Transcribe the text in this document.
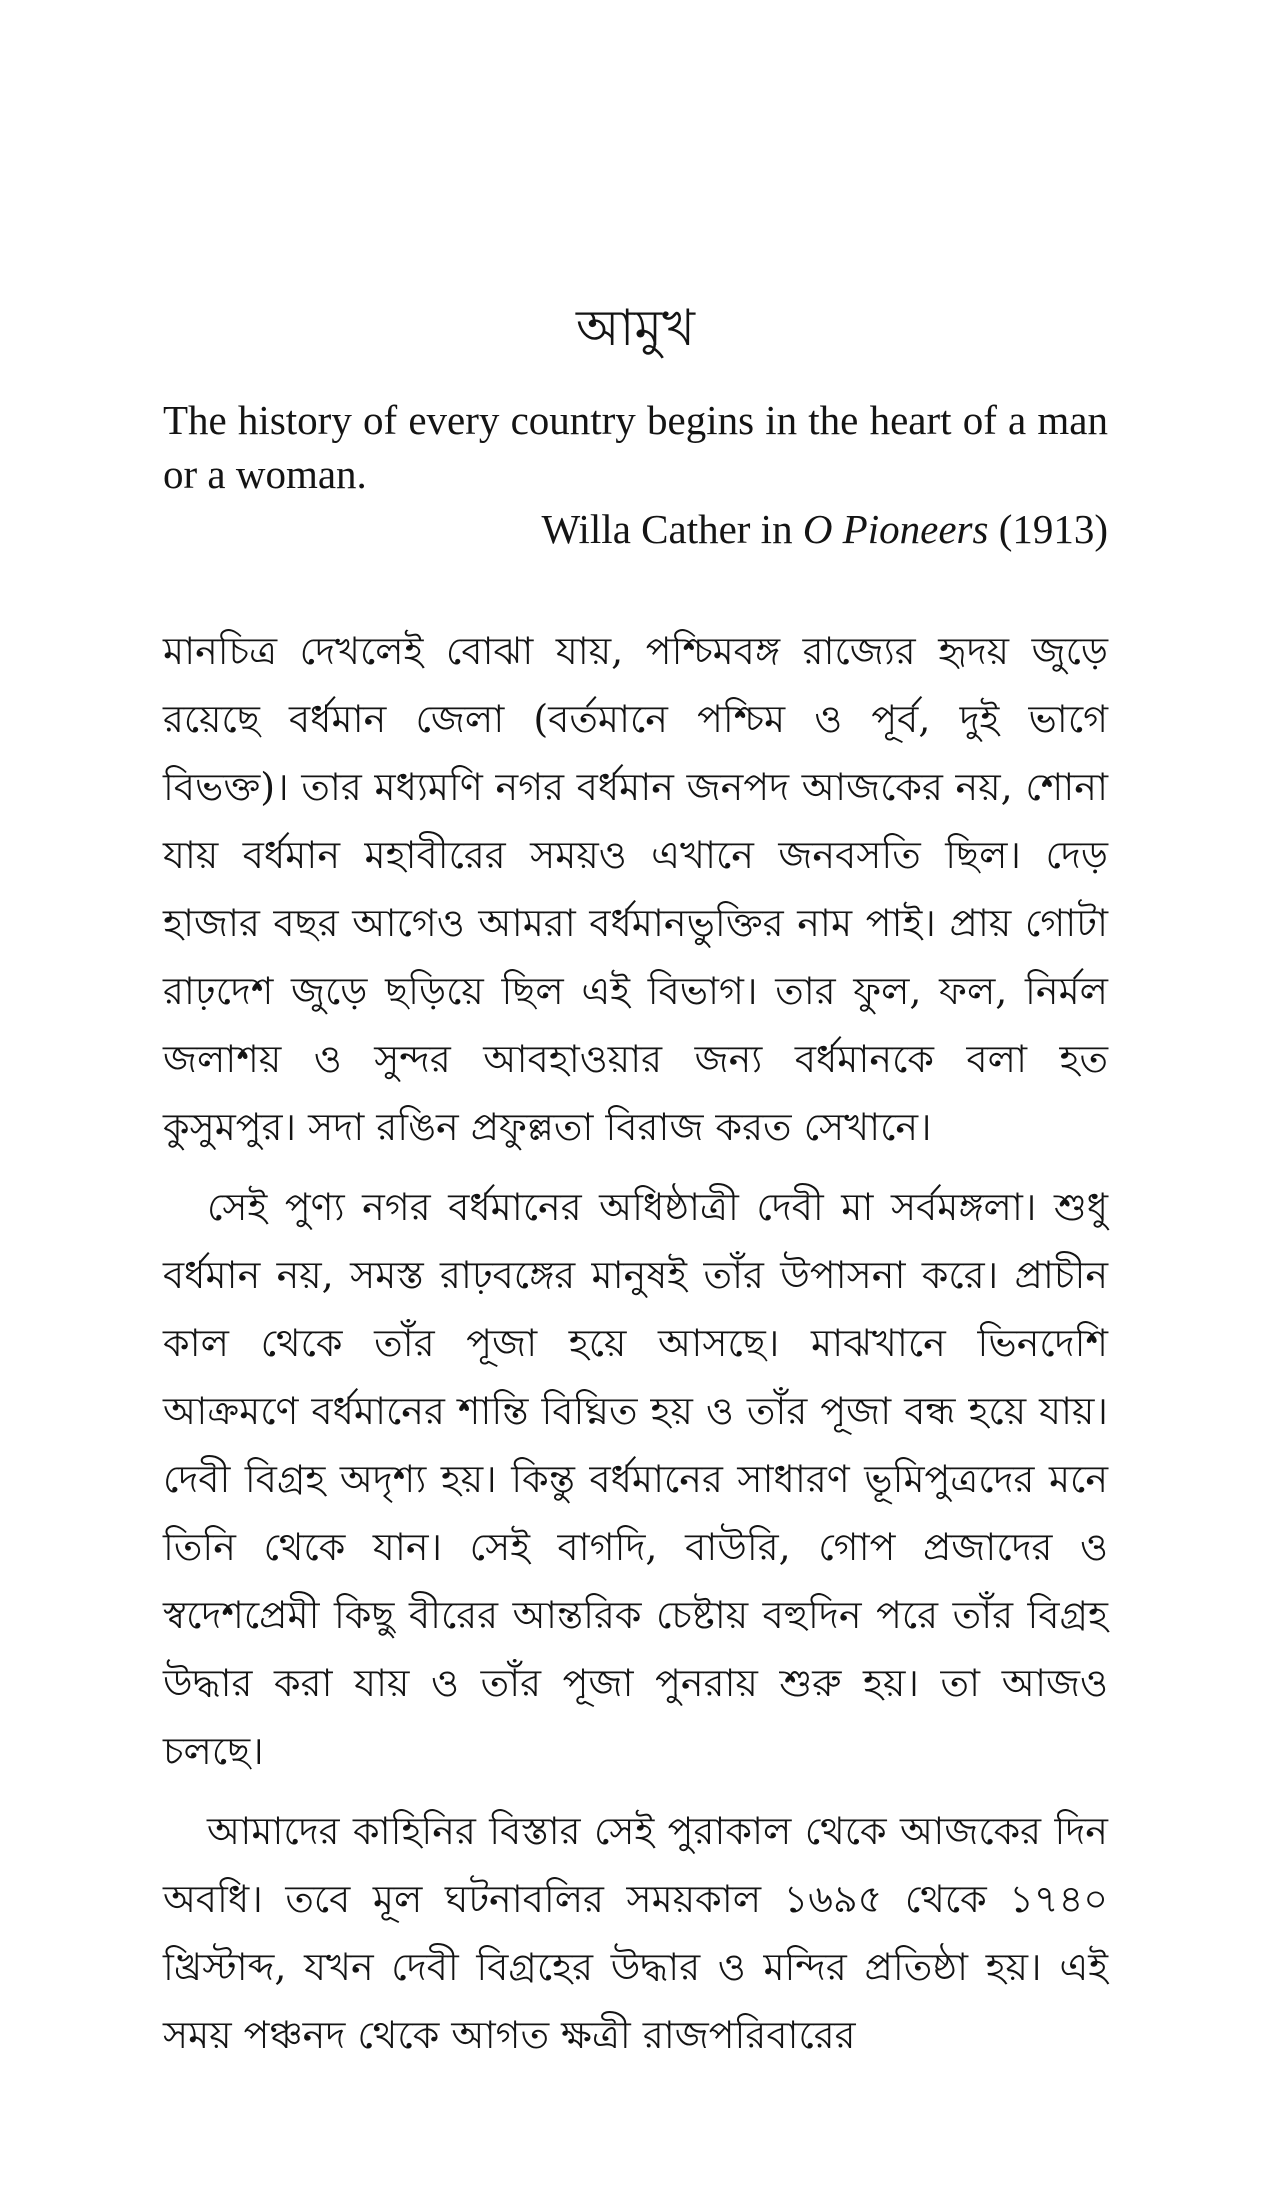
আমুখ

The history of every country begins in the heart of a man or a woman.

Willa Cather in O Pioneers (1913)

মানচিত্র দেখলেই বোঝা যায়, পশ্চিমবঙ্গ রাজ্যের হৃদয় জুড়ে রয়েছে বর্ধমান জেলা (বর্তমানে পশ্চিম ও পূর্ব, দুই ভাগে বিভক্ত)। তার মধ্যমণি নগর বর্ধমান জনপদ আজকের নয়, শোনা যায় বর্ধমান মহাবীরের সময়ও এখানে জনবসতি ছিল। দেড় হাজার বছর আগেও আমরা বর্ধমানভুক্তির নাম পাই। প্রায় গোটা রাঢ়দেশ জুড়ে ছড়িয়ে ছিল এই বিভাগ। তার ফুল, ফল, নির্মল জলাশয় ও সুন্দর আবহাওয়ার জন্য বর্ধমানকে বলা হত কুসুমপুর। সদা রঙিন প্রফুল্লতা বিরাজ করত সেখানে।

সেই পুণ্য নগর বর্ধমানের অধিষ্ঠাত্রী দেবী মা সর্বমঙ্গলা। শুধু বর্ধমান নয়, সমস্ত রাঢ়বঙ্গের মানুষই তাঁর উপাসনা করে। প্রাচীন কাল থেকে তাঁর পূজা হয়ে আসছে। মাঝখানে ভিনদেশি আক্রমণে বর্ধমানের শান্তি বিঘ্নিত হয় ও তাঁর পূজা বন্ধ হয়ে যায়। দেবী বিগ্রহ অদৃশ্য হয়। কিন্তু বর্ধমানের সাধারণ ভূমিপুত্রদের মনে তিনি থেকে যান। সেই বাগদি, বাউরি, গোপ প্রজাদের ও স্বদেশপ্রেমী কিছু বীরের আন্তরিক চেষ্টায় বহুদিন পরে তাঁর বিগ্রহ উদ্ধার করা যায় ও তাঁর পূজা পুনরায় শুরু হয়। তা আজও চলছে।

আমাদের কাহিনির বিস্তার সেই পুরাকাল থেকে আজকের দিন অবধি। তবে মূল ঘটনাবলির সময়কাল ১৬৯৫ থেকে ১৭৪০ খ্রিস্টাব্দ, যখন দেবী বিগ্রহের উদ্ধার ও মন্দির প্রতিষ্ঠা হয়। এই সময় পঞ্চনদ থেকে আগত ক্ষত্রী রাজপরিবারের
